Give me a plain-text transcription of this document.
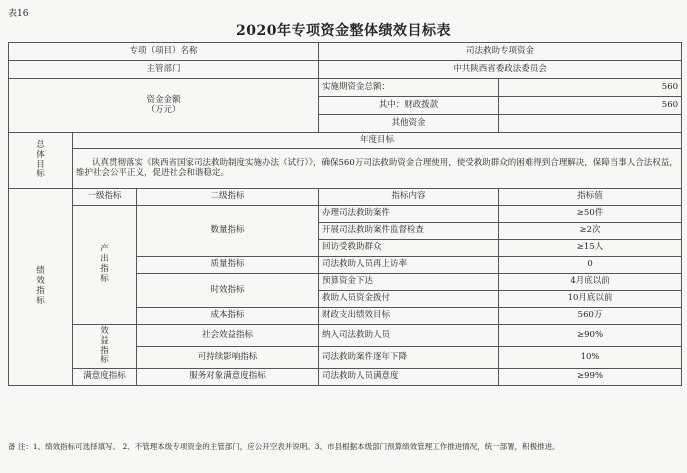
表16
2020年专项资金整体绩效目标表
专项（项目）名称			司法救助专项资金	
主管部门			中共陕西省委政法委员会	

资金金额
（万元）			实施期资金总额：	560
			其中：财政拨款	560
			其他资金	
总体目标	年度目标			
	认真贯彻落实《陕西省国家司法救助制度实施办法（试行）》，确保560万司法救助资金合理使用，使受救助群众的困难得到合理解决，保障当事人合法权益，维护社会公平正义，促进社会和谐稳定。			
绩效指标	一级指标	二级指标	指标内容	指标值
	产出指标	数量指标	办理司法救助案件	≥50件
			开展司法救助案件监督检查	≥2次
			回访受救助群众	≥15人
		质量指标	司法救助人员再上访率	0
		时效指标	预算资金下达	4月底以前
			救助人员资金拨付	10月底以前
		成本指标	财政支出绩效目标	560万
	效益指标	社会效益指标	纳入司法救助人员	≥90%
		可持续影响指标	司法救助案件逐年下降	10%
	满意度指标	服务对象满意度指标	司法救助人员满意度	≥99%
备 注：1、绩效指标可选择填写。 2、不管理本级专项资金的主管部门，应公开空表并说明。3、市县根据本级部门预算绩效管理工作推进情况，统一部署，积极推进。
